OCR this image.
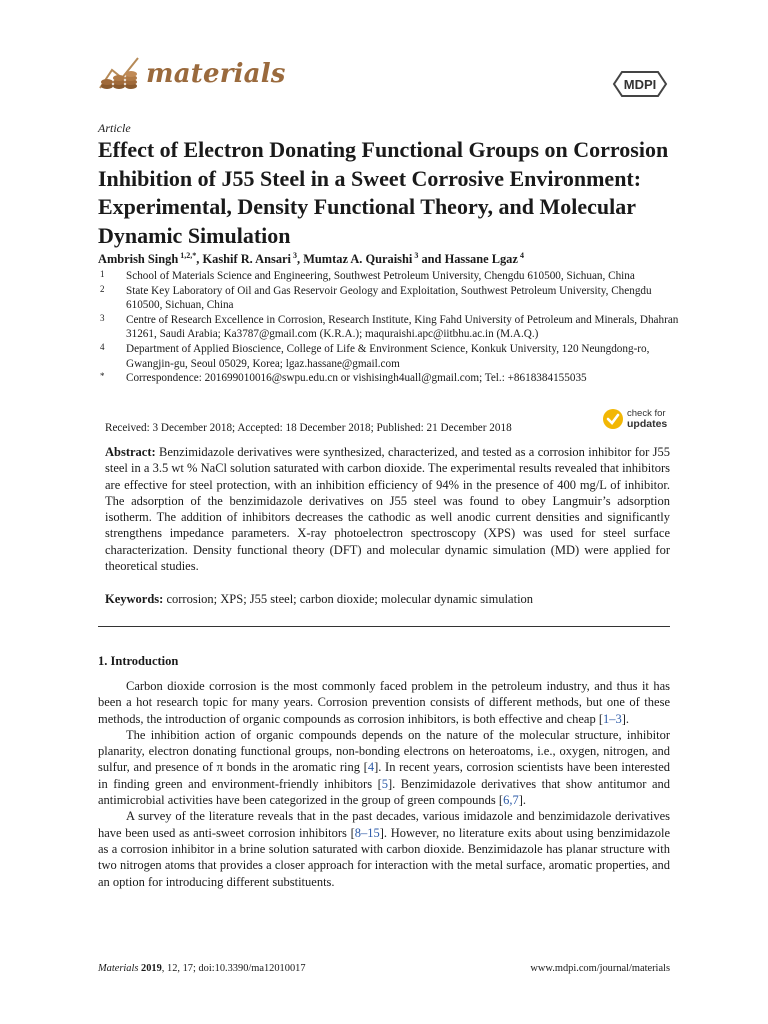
materials	MDPI
Article
Effect of Electron Donating Functional Groups on Corrosion Inhibition of J55 Steel in a Sweet Corrosive Environment: Experimental, Density Functional Theory, and Molecular Dynamic Simulation
Ambrish Singh  $^{1,2,*}$, Kashif R. Ansari  $^3$, Mumtaz A. Quraishi  $^3$ and Hassane Lgaz  $^4$
1	School of Materials Science and Engineering, Southwest Petroleum University, Chengdu 610500, Sichuan, China
2	State Key Laboratory of Oil and Gas Reservoir Geology and Exploitation, Southwest Petroleum University, Chengdu 610500, Sichuan, China
3	Centre of Research Excellence in Corrosion, Research Institute, King Fahd University of Petroleum and Minerals, Dhahran 31261, Saudi Arabia; Ka3787@gmail.com (K.R.A.); maquraishi.apc@iitbhu.ac.in (M.A.Q.)
4	Department of Applied Bioscience, College of Life & Environment Science, Konkuk University, 120 Neungdong-ro, Gwangjin-gu, Seoul 05029, Korea; lgaz.hassane@gmail.com
*	Correspondence: 201699010016@swpu.edu.cn or vishisingh4uall@gmail.com; Tel.: +8618384155035
Received: 3 December 2018; Accepted: 18 December 2018; Published: 21 December 2018
check for
updates

Abstract: Benzimidazole derivatives were synthesized, characterized, and tested as a corrosion inhibitor for J55 steel in a 3.5 wt % NaCl solution saturated with carbon dioxide. The experimental results revealed that inhibitors are effective for steel protection, with an inhibition efficiency of 94% in the presence of 400 mg/L of inhibitor. The adsorption of the benzimidazole derivatives on J55 steel was found to obey Langmuir’s adsorption isotherm. The addition of inhibitors decreases the cathodic as well anodic current densities and significantly strengthens impedance parameters. X-ray photoelectron spectroscopy (XPS) was used for steel surface characterization. Density functional theory (DFT) and molecular dynamic simulation (MD) were applied for theoretical studies.

Keywords: corrosion; XPS; J55 steel; carbon dioxide; molecular dynamic simulation
1. Introduction

Carbon dioxide corrosion is the most commonly faced problem in the petroleum industry, and thus it has been a hot research topic for many years. Corrosion prevention consists of different methods, but one of these methods, the introduction of organic compounds as corrosion inhibitors, is both effective and cheap [1–3].

The inhibition action of organic compounds depends on the nature of the molecular structure, inhibitor planarity, electron donating functional groups, non-bonding electrons on heteroatoms, i.e., oxygen, nitrogen, and sulfur, and presence of π bonds in the aromatic ring [4]. In recent years, corrosion scientists have been interested in finding green and environment-friendly inhibitors [5]. Benzimidazole derivatives that show antitumor and antimicrobial activities have been categorized in the group of green compounds [6,7].

A survey of the literature reveals that in the past decades, various imidazole and benzimidazole derivatives have been used as anti-sweet corrosion inhibitors [8–15]. However, no literature exits about using benzimidazole as a corrosion inhibitor in a brine solution saturated with carbon dioxide. Benzimidazole has planar structure with two nitrogen atoms that provides a closer approach for interaction with the metal surface, aromatic properties, and an option for introducing different substituents.

Materials 2019, 12, 17; doi:10.3390/ma12010017	www.mdpi.com/journal/materials
